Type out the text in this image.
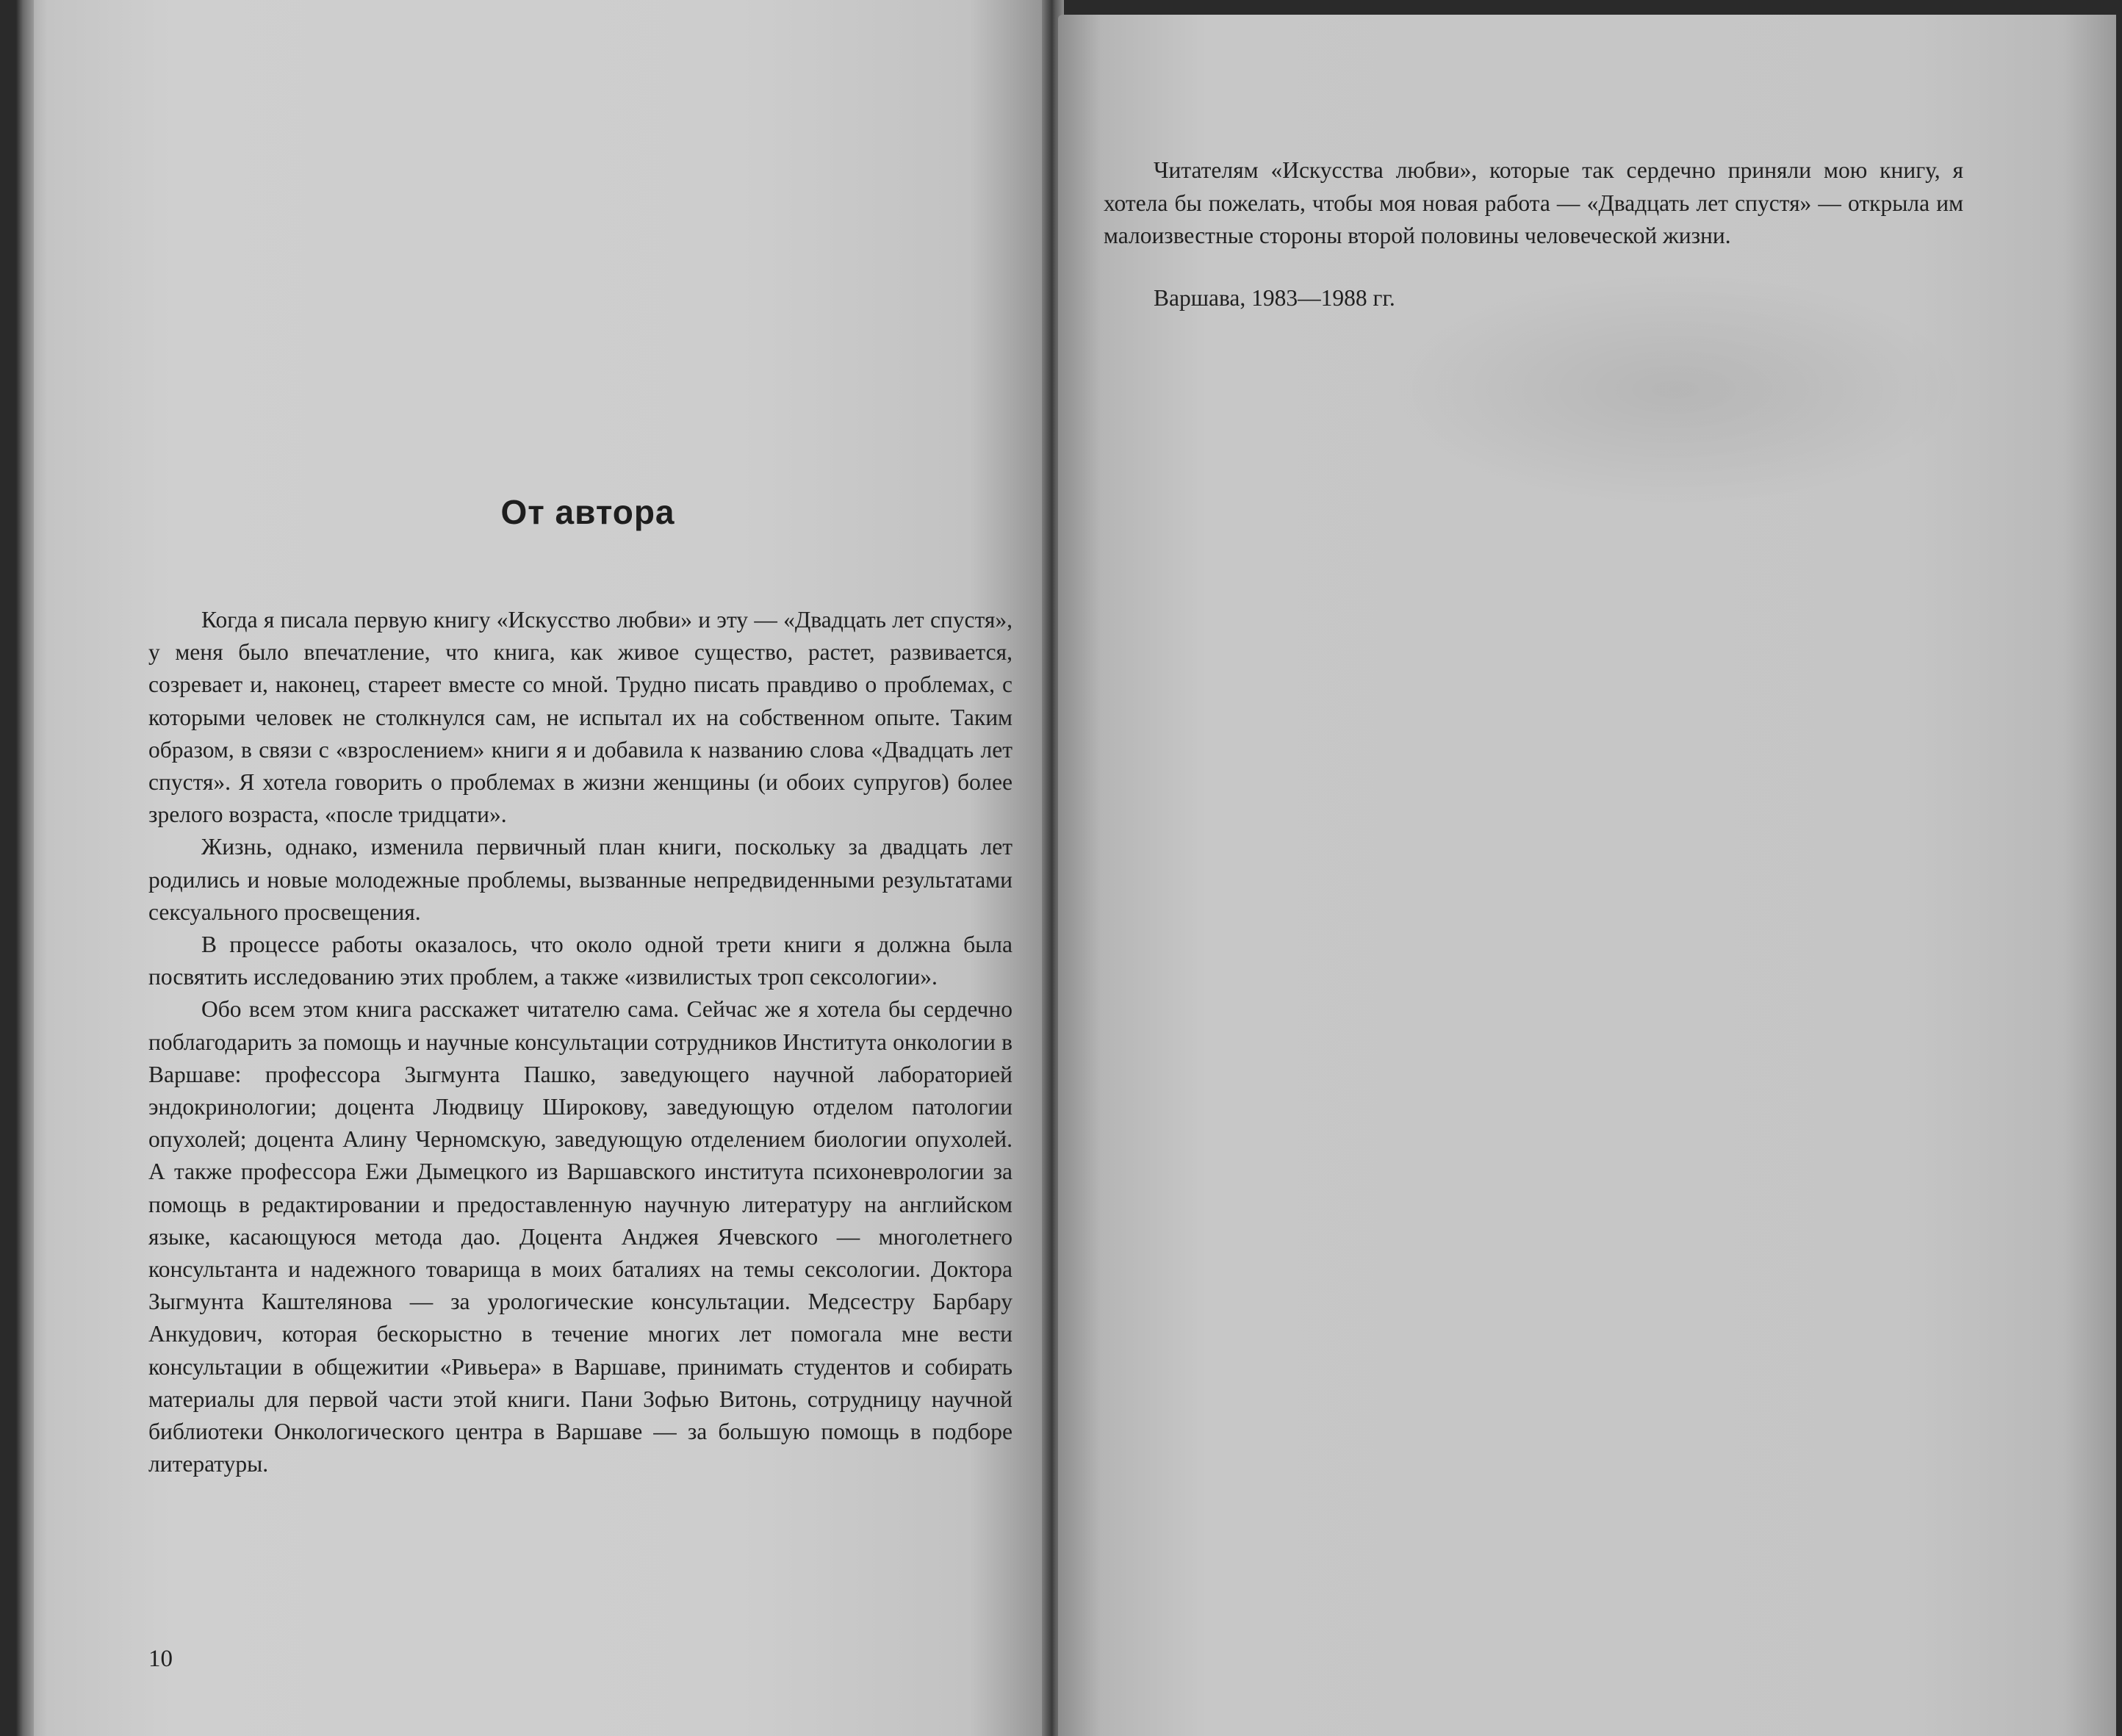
От автора

Когда я писала первую книгу «Искусство любви» и эту — «Двадцать лет спустя», у меня было впечатление, что книга, как живое существо, растет, развивается, созревает и, наконец, стареет вместе со мной. Трудно писать правдиво о проблемах, с которыми человек не столкнулся сам, не испытал их на собственном опыте. Таким образом, в связи с «взрослением» книги я и добавила к названию слова «Двадцать лет спустя». Я хотела говорить о проблемах в жизни женщины (и обоих супругов) более зрелого возраста, «после тридцати».

Жизнь, однако, изменила первичный план книги, поскольку за двадцать лет родились и новые молодежные проблемы, вызванные непредвиденными результатами сексуального просвещения.

В процессе работы оказалось, что около одной трети книги я должна была посвятить исследованию этих проблем, а также «извилистых троп сексологии».

Обо всем этом книга расскажет читателю сама. Сейчас же я хотела бы сердечно поблагодарить за помощь и научные консультации сотрудников Института онкологии в Варшаве: профессора Зыгмунта Пашко, заведующего научной лабораторией эндокринологии; доцента Людвицу Широкову, заведующую отделом патологии опухолей; доцента Алину Черномскую, заведующую отделением биологии опухолей. А также профессора Ежи Дымецкого из Варшавского института психоневрологии за помощь в редактировании и предоставленную научную литературу на английском языке, касающуюся метода дао. Доцента Анджея Ячевского — многолетнего консультанта и надежного товарища в моих баталиях на темы сексологии. Доктора Зыгмунта Каштелянова — за урологические консультации. Медсестру Барбару Анкудович, которая бескорыстно в течение многих лет помогала мне вести консультации в общежитии «Ривьера» в Варшаве, принимать студентов и собирать материалы для первой части этой книги. Пани Зофью Витонь, сотрудницу научной библиотеки Онкологического центра в Варшаве — за большую помощь в подборе литературы.

10

Читателям «Искусства любви», которые так сердечно приняли мою книгу, я хотела бы пожелать, чтобы моя новая работа — «Двадцать лет спустя» — открыла им малоизвестные стороны второй половины человеческой жизни.

Варшава, 1983—1988 гг.
